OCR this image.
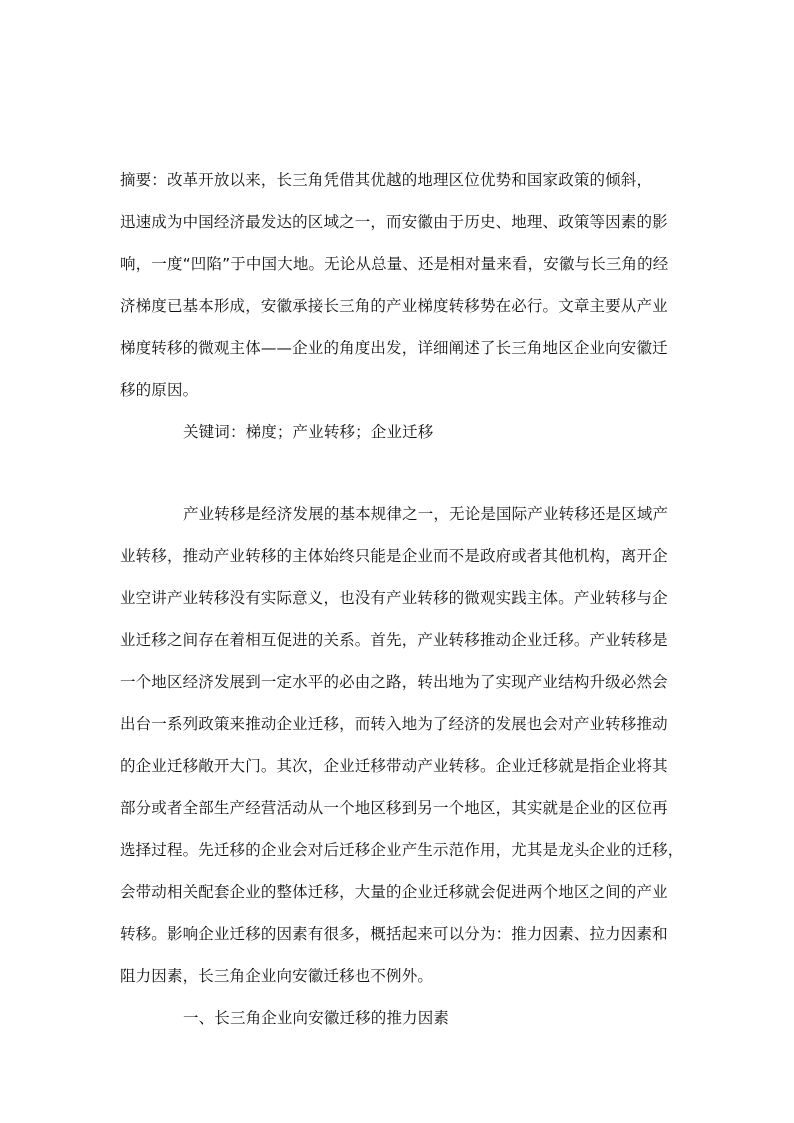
摘要：改革开放以来，长三角凭借其优越的地理区位优势和国家政策的倾斜，
迅速成为中国经济最发达的区域之一，而安徽由于历史、地理、政策等因素的影
响，一度“凹陷”于中国大地。无论从总量、还是相对量来看，安徽与长三角的经
济梯度已基本形成，安徽承接长三角的产业梯度转移势在必行。文章主要从产业
梯度转移的微观主体——企业的角度出发，详细阐述了长三角地区企业向安徽迁
移的原因。
关键词：梯度；产业转移；企业迁移
产业转移是经济发展的基本规律之一，无论是国际产业转移还是区域产
业转移，推动产业转移的主体始终只能是企业而不是政府或者其他机构，离开企
业空讲产业转移没有实际意义，也没有产业转移的微观实践主体。产业转移与企
业迁移之间存在着相互促进的关系。首先，产业转移推动企业迁移。产业转移是
一个地区经济发展到一定水平的必由之路，转出地为了实现产业结构升级必然会
出台一系列政策来推动企业迁移，而转入地为了经济的发展也会对产业转移推动
的企业迁移敞开大门。其次，企业迁移带动产业转移。企业迁移就是指企业将其
部分或者全部生产经营活动从一个地区移到另一个地区，其实就是企业的区位再
选择过程。先迁移的企业会对后迁移企业产生示范作用，尤其是龙头企业的迁移，
会带动相关配套企业的整体迁移，大量的企业迁移就会促进两个地区之间的产业
转移。影响企业迁移的因素有很多，概括起来可以分为：推力因素、拉力因素和
阻力因素，长三角企业向安徽迁移也不例外。
一、长三角企业向安徽迁移的推力因素
